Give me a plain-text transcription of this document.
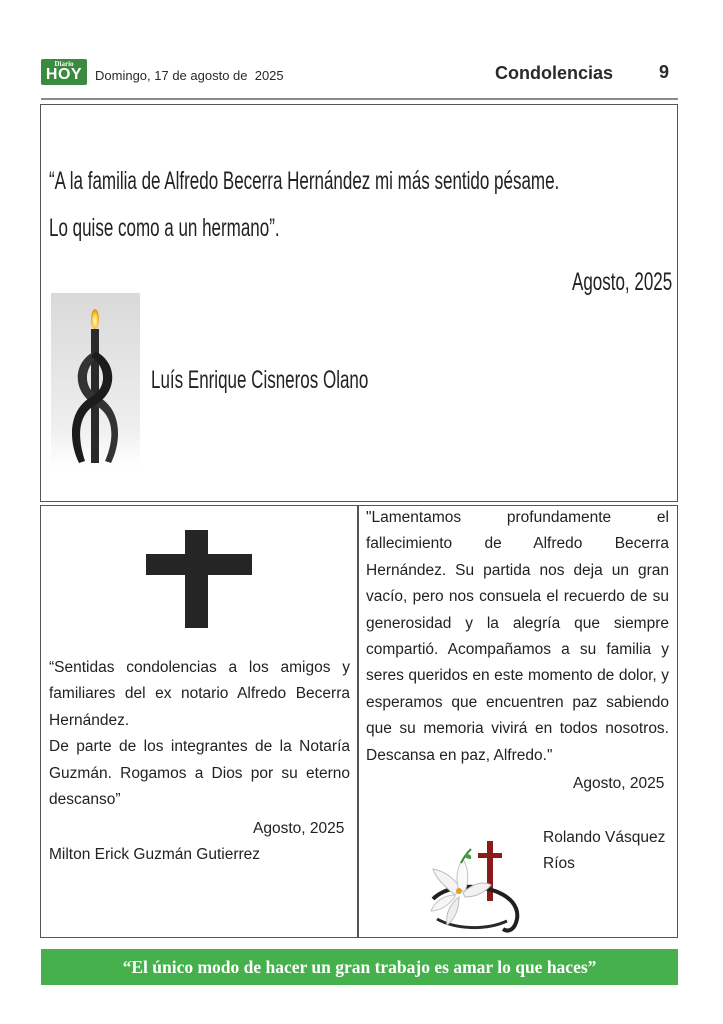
Diario
HOY Domingo, 17 de agosto de  2025	Condolencias	9
“A la familia de Alfredo Becerra Hernández mi más sentido pésame.
Lo quise como a un hermano”.
Agosto, 2025
Luís Enrique Cisneros Olano
“Sentidas condolencias a los amigos y familiares del ex notario Alfredo Becerra Hernández.
De parte de los integrantes de la Notaría Guzmán. Rogamos a Dios por su eterno descanso”
Agosto, 2025
Milton Erick Guzmán Gutierrez
"Lamentamos profundamente el fallecimiento de Alfredo Becerra Hernández. Su partida nos deja un gran vacío, pero nos consuela el recuerdo de su generosidad y la alegría que siempre compartió. Acompañamos a su familia y seres queridos en este momento de dolor, y esperamos que encuentren paz sabiendo que su memoria vivirá en todos nosotros. Descansa en paz, Alfredo."
Agosto, 2025
Rolando Vásquez
Ríos
“El único modo de hacer un gran trabajo es amar lo que haces”
